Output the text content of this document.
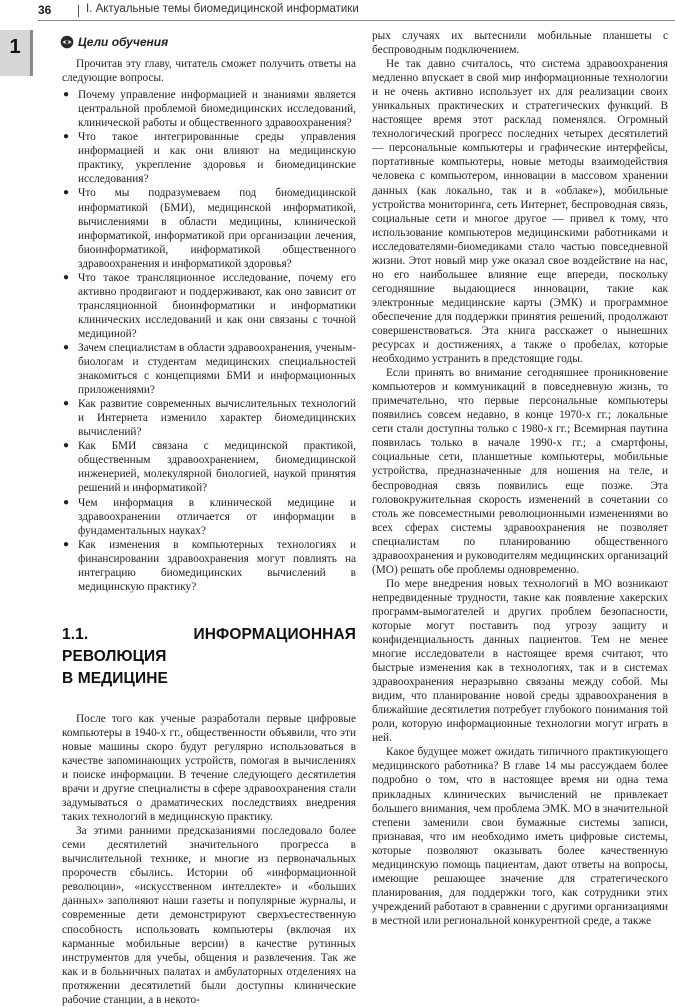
36	I. Актуальные темы биомедицинской информатики
1	Цели обучения

Прочитав эту главу, читатель сможет получить ответы на следующие вопросы.

● Почему управление информацией и знаниями является центральной проблемой биомедицинских исследований, клинической работы и общественного здравоохранения?
● Что такое интегрированные среды управления информацией и как они влияют на медицинскую практику, укрепление здоровья и биомедицинские исследования?
● Что мы подразумеваем под биомедицинской информатикой (БМИ), медицинской информатикой, вычислениями в области медицины, клинической информатикой, информатикой при организации лечения, биоинформатикой, информатикой общественного здравоохранения и информатикой здоровья?
● Что такое трансляционное исследование, почему его активно продвигают и поддерживают, как оно зависит от трансляционной биоинформатики и информатики клинических исследований и как они связаны с точной медициной?
● Зачем специалистам в области здравоохранения, ученым-биологам и студентам медицинских специальностей знакомиться с концепциями БМИ и информационных приложениями?
● Как развитие современных вычислительных технологий и Интернета изменило характер биомедицинских вычислений?
● Как БМИ связана с медицинской практикой, общественным здравоохранением, биомедицинской инженерией, молекулярной биологией, наукой принятия решений и информатикой?
● Чем информация в клинической медицине и здравоохранении отличается от информации в фундаментальных науках?
● Как изменения в компьютерных технологиях и финансировании здравоохранения могут повлиять на интеграцию биомедицинских вычислений в медицинскую практику?
1.1. ИНФОРМАЦИОННАЯ РЕВОЛЮЦИЯ
В МЕДИЦИНЕ

После того как ученые разработали первые цифровые компьютеры в 1940-х гг., общественности объявили, что эти новые машины скоро будут регулярно использоваться в качестве запоминающих устройств, помогая в вычислениях и поиске информации. В течение следующего десятилетия врачи и другие специалисты в сфере здравоохранения стали задумываться о драматических последствиях внедрения таких технологий в медицинскую практику.

За этими ранними предсказаниями последовало более семи десятилетий значительного прогресса в вычислительной технике, и многие из первоначальных пророчеств сбылись. Истории об «информационной революции», «искусственном интеллекте» и «больших данных» заполняют наши газеты и популярные журналы, и современные дети демонстрируют сверхъестественную способность использовать компьютеры (включая их карманные мобильные версии) в качестве рутинных инструментов для учебы, общения и развлечения. Так же как и в больничных палатах и амбулаторных отделениях на протяжении десятилетий были доступны клинические рабочие станции, а в некото-

рых случаях их вытеснили мобильные планшеты с беспроводным подключением.

Не так давно считалось, что система здравоохранения медленно впускает в свой мир информационные технологии и не очень активно использует их для реализации своих уникальных практических и стратегических функций. В настоящее время этот расклад поменялся. Огромный технологический прогресс последних четырех десятилетий — персональные компьютеры и графические интерфейсы, портативные компьютеры, новые методы взаимодействия человека с компьютером, инновации в массовом хранении данных (как локально, так и в «облаке»), мобильные устройства мониторинга, сеть Интернет, беспроводная связь, социальные сети и многое другое — привел к тому, что использование компьютеров медицинскими работниками и исследователями-биомедиками стало частью повседневной жизни. Этот новый мир уже оказал свое воздействие на нас, но его наибольшее влияние еще впереди, поскольку сегодняшние выдающиеся инновации, такие как электронные медицинские карты (ЭМК) и программное обеспечение для поддержки принятия решений, продолжают совершенствоваться. Эта книга расскажет о нынешних ресурсах и достижениях, а также о пробелах, которые необходимо устранить в предстоящие годы.

Если принять во внимание сегодняшнее проникновение компьютеров и коммуникаций в повседневную жизнь, то примечательно, что первые персональные компьютеры появились совсем недавно, в конце 1970-х гг.; локальные сети стали доступны только с 1980-х гг.; Всемирная паутина появилась только в начале 1990-х гг.; а смартфоны, социальные сети, планшетные компьютеры, мобильные устройства, предназначенные для ношения на теле, и беспроводная связь появились еще позже. Эта головокружительная скорость изменений в сочетании со столь же повсеместными революционными изменениями во всех сферах системы здравоохранения не позволяет специалистам по планированию общественного здравоохранения и руководителям медицинских организаций (МО) решать обе проблемы одновременно.

По мере внедрения новых технологий в МО возникают непредвиденные трудности, такие как появление хакерских программ-вымогателей и других проблем безопасности, которые могут поставить под угрозу защиту и конфиденциальность данных пациентов. Тем не менее многие исследователи в настоящее время считают, что быстрые изменения как в технологиях, так и в системах здравоохранения неразрывно связаны между собой. Мы видим, что планирование новой среды здравоохранения в ближайшие десятилетия потребует глубокого понимания той роли, которую информационные технологии могут играть в ней.

Какое будущее может ожидать типичного практикующего медицинского работника? В главе 14 мы рассуждаем более подробно о том, что в настоящее время ни одна тема прикладных клинических вычислений не привлекает большего внимания, чем проблема ЭМК. МО в значительной степени заменили свои бумажные системы записи, признавая, что им необходимо иметь цифровые системы, которые позволяют оказывать более качественную медицинскую помощь пациентам, дают ответы на вопросы, имеющие решающее значение для стратегического планирования, для поддержки того, как сотрудники этих учреждений работают в сравнении с другими организациями в местной или региональной конкурентной среде, а также
